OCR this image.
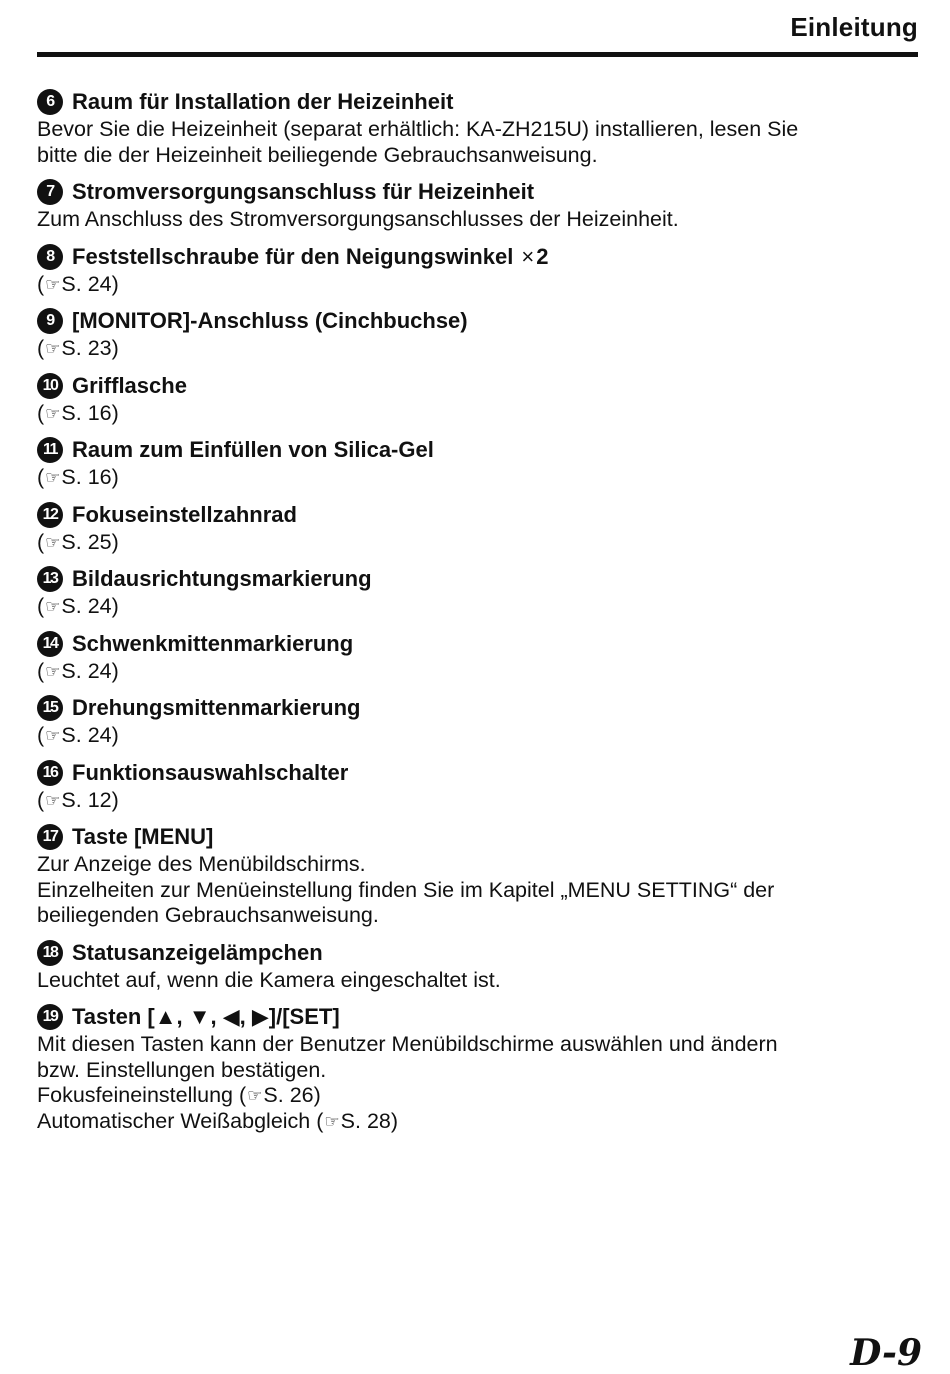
Einleitung
6 Raum für Installation der Heizeinheit
Bevor Sie die Heizeinheit (separat erhältlich: KA-ZH215U) installieren, lesen Sie
bitte die der Heizeinheit beiliegende Gebrauchsanweisung.
7 Stromversorgungsanschluss für Heizeinheit
Zum Anschluss des Stromversorgungsanschlusses der Heizeinheit.
8 Feststellschraube für den Neigungswinkel × 2
(☞S. 24)
9 [MONITOR]-Anschluss (Cinchbuchse)
(☞S. 23)
10 Grifflasche
(☞S. 16)
11 Raum zum Einfüllen von Silica-Gel
(☞S. 16)
12 Fokuseinstellzahnrad
(☞S. 25)
13 Bildausrichtungsmarkierung
(☞S. 24)
14 Schwenkmittenmarkierung
(☞S. 24)
15 Drehungsmittenmarkierung
(☞S. 24)
16 Funktionsauswahlschalter
(☞S. 12)
17 Taste [MENU]
Zur Anzeige des Menübildschirms.
Einzelheiten zur Menüeinstellung finden Sie im Kapitel „MENU SETTING“ der
beiliegenden Gebrauchsanweisung.
18 Statusanzeigelämpchen
Leuchtet auf, wenn die Kamera eingeschaltet ist.
19 Tasten [▲, ▼, ◀, ▶]/[SET]
Mit diesen Tasten kann der Benutzer Menübildschirme auswählen und ändern
bzw. Einstellungen bestätigen.
Fokusfeineinstellung (☞S. 26)
Automatischer Weißabgleich (☞S. 28)
D-9
